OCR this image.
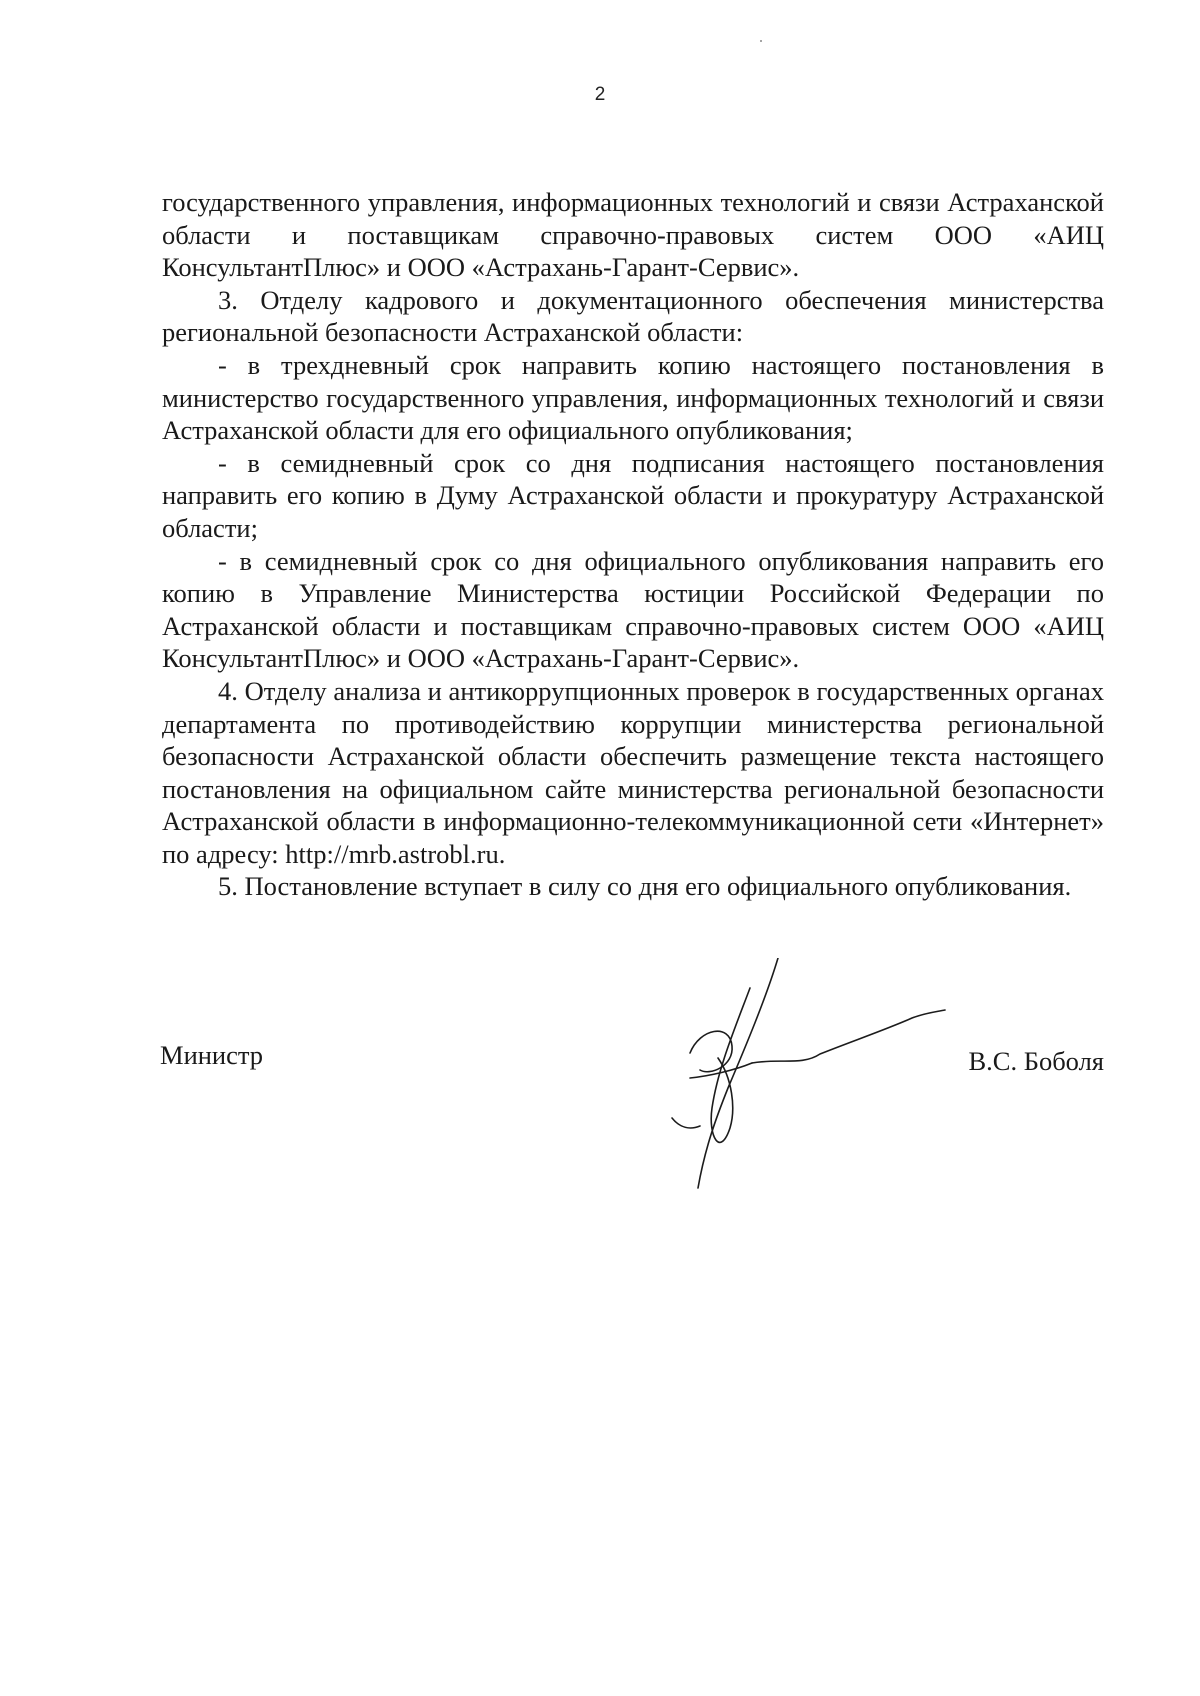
2

государственного управления, информационных технологий и связи Астраханской области и поставщикам справочно-правовых систем ООО «АИЦ КонсультантПлюс» и ООО «Астрахань-Гарант-Сервис».

3. Отделу кадрового и документационного обеспечения министерства региональной безопасности Астраханской области:

- в трехдневный срок направить копию настоящего постановления в министерство государственного управления, информационных технологий и связи Астраханской области для его официального опубликования;

- в семидневный срок со дня подписания настоящего постановления направить его копию в Думу Астраханской области и прокуратуру Астраханской области;

- в семидневный срок со дня официального опубликования направить его копию в Управление Министерства юстиции Российской Федерации по Астраханской области и поставщикам справочно-правовых систем ООО «АИЦ КонсультантПлюс» и ООО «Астрахань-Гарант-Сервис».

4. Отделу анализа и антикоррупционных проверок в государственных органах департамента по противодействию коррупции министерства региональной безопасности Астраханской области обеспечить размещение текста настоящего постановления на официальном сайте министерства региональной безопасности Астраханской области в информационно-телекоммуникационной сети «Интернет» по адресу: http://mrb.astrobl.ru.

5. Постановление вступает в силу со дня его официального опубликования.

Министр	В.С. Боболя
